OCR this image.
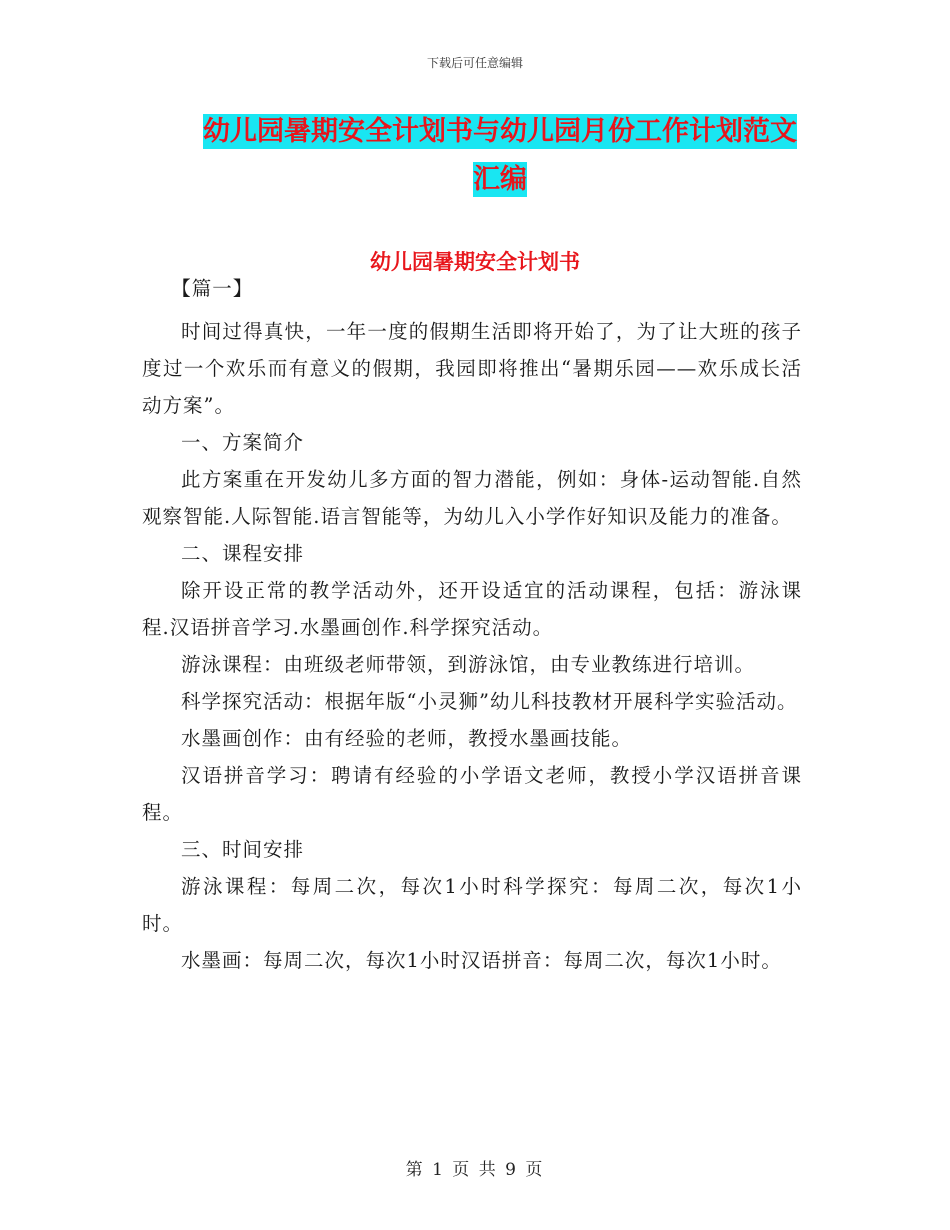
下载后可任意编辑
幼儿园暑期安全计划书与幼儿园月份工作计划范文汇编
幼儿园暑期安全计划书

【篇一】

时间过得真快，一年一度的假期生活即将开始了，为了让大班的孩子度过一个欢乐而有意义的假期，我园即将推出“暑期乐园——欢乐成长活动方案”。

一、方案简介

此方案重在开发幼儿多方面的智力潜能，例如：身体-运动智能.自然观察智能.人际智能.语言智能等，为幼儿入小学作好知识及能力的准备。

二、课程安排

除开设正常的教学活动外，还开设适宜的活动课程，包括：游泳课程.汉语拼音学习.水墨画创作.科学探究活动。

游泳课程：由班级老师带领，到游泳馆，由专业教练进行培训。

科学探究活动：根据年版“小灵狮”幼儿科技教材开展科学实验活动。

水墨画创作：由有经验的老师，教授水墨画技能。

汉语拼音学习：聘请有经验的小学语文老师，教授小学汉语拼音课程。

三、时间安排

游泳课程：每周二次，每次1小时科学探究：每周二次，每次1小时。

水墨画：每周二次，每次1小时汉语拼音：每周二次，每次1小时。

第 1 页 共 9 页
